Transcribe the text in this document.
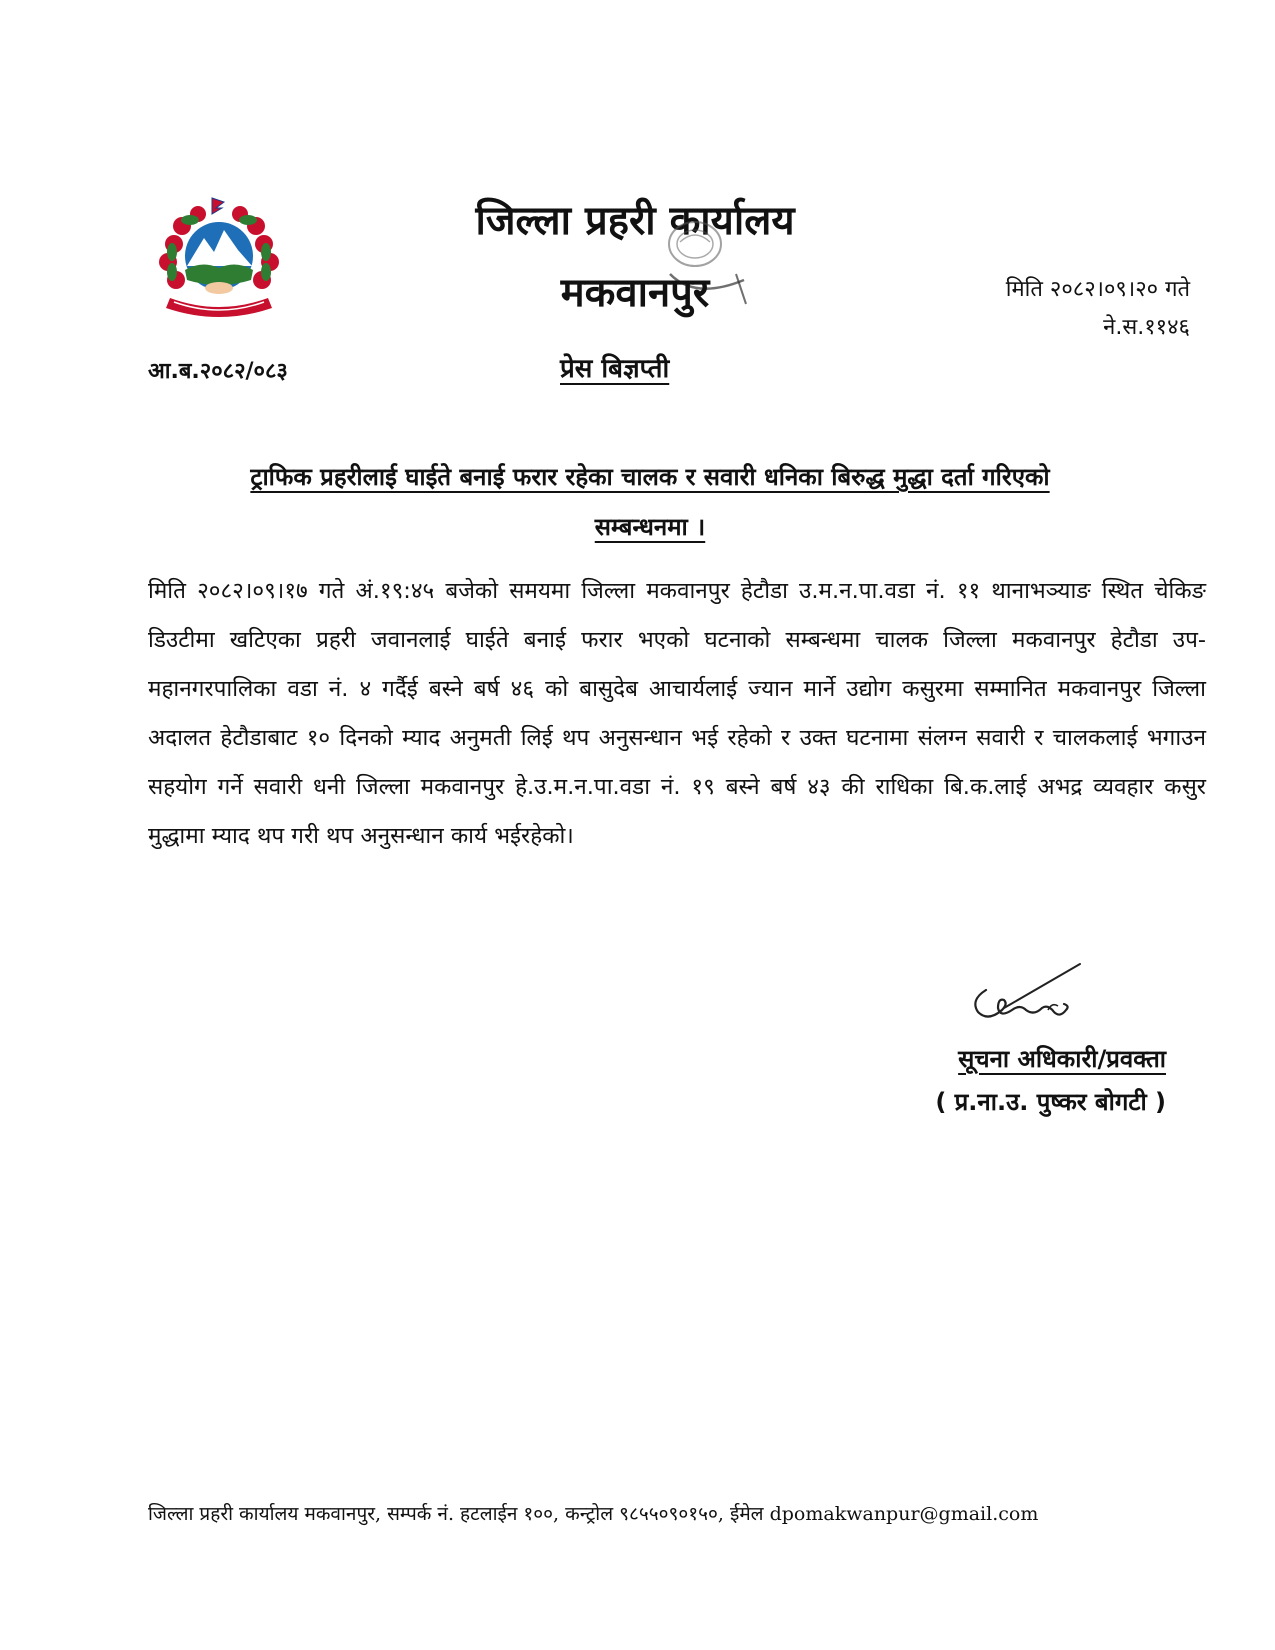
जिल्ला प्रहरी कार्यालय
मकवानपुर	मिति २०८२।०९।२० गते
ने.स.११४६
आ.ब.२०८२/०८३	प्रेस बिज्ञप्ती

ट्राफिक प्रहरीलाई घाईते बनाई फरार रहेका चालक र सवारी धनिका बिरुद्ध मुद्धा दर्ता गरिएको
सम्बन्धनमा ।

मिति २०८२।०९।१७ गते अं.१९:४५ बजेको समयमा जिल्ला मकवानपुर हेटौडा उ.म.न.पा.वडा नं. ११ थानाभञ्याङ स्थित चेकिङ डिउटीमा खटिएका प्रहरी जवानलाई घाईते बनाई फरार भएको घटनाको सम्बन्धमा चालक जिल्ला मकवानपुर हेटौडा उप-महानगरपालिका वडा नं. ४ गर्दैई बस्ने बर्ष ४६ को बासुदेब आचार्यलाई ज्यान मार्ने उद्योग कसुरमा सम्मानित मकवानपुर जिल्ला अदालत हेटौडाबाट १० दिनको म्याद अनुमती लिई थप अनुसन्धान भई रहेको र उक्त घटनामा संलग्न सवारी र चालकलाई भगाउन सहयोग गर्ने सवारी धनी जिल्ला मकवानपुर हे.उ.म.न.पा.वडा नं. १९ बस्ने बर्ष ४३ की राधिका बि.क.लाई अभद्र व्यवहार कसुर मुद्धामा म्याद थप गरी थप अनुसन्धान कार्य भईरहेको।

सूचना अधिकारी/प्रवक्ता
( प्र.ना.उ. पुष्कर बोगटी )
जिल्ला प्रहरी कार्यालय मकवानपुर, सम्पर्क नं. हटलाईन १००, कन्ट्रोल ९८५५०९०१५०, ईमेल dpomakwanpur@gmail.com
